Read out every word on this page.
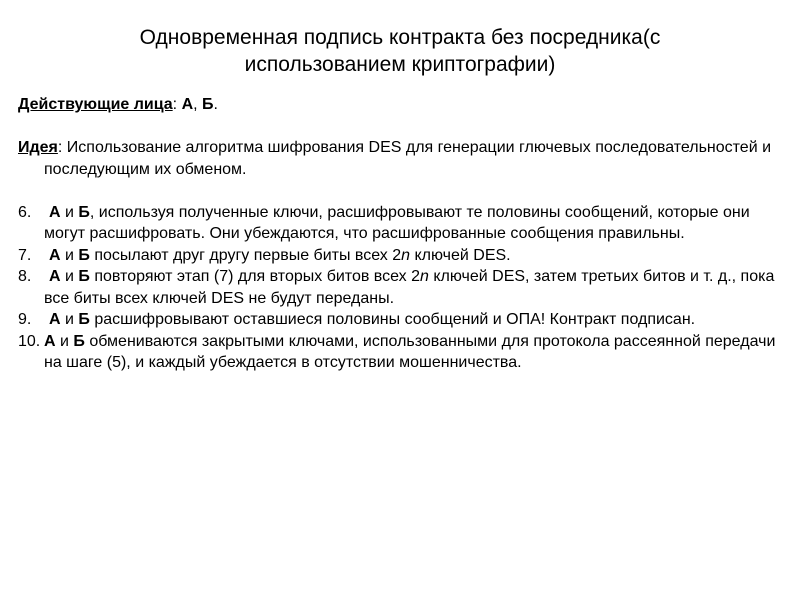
Одновременная подпись контракта без посредника(с
использованием криптографии)

Действующие лица: А, Б.

Идея: Использование алгоритма шифрования DES для генерации глючевых последовательностей и последующим их обменом.

6. А и Б, используя полученные ключи, расшифровывают те половины сообщений, которые они могут расшифровать. Они убеждаются, что расшифрованные сообщения правильны.
7. А и Б посылают друг другу первые биты всех 2n ключей DES.
8. А и Б повторяют этап (7) для вторых битов всех 2n ключей DES, затем третьих битов и т. д., пока все биты всех ключей DES не будут переданы.
9. А и Б расшифровывают оставшиеся половины сообщений и ОПА! Контракт подписан.
10. А и Б обмениваются закрытыми ключами, использованными для протокола рассеянной передачи на шаге (5), и каждый убеждается в отсутствии мошенничества.
